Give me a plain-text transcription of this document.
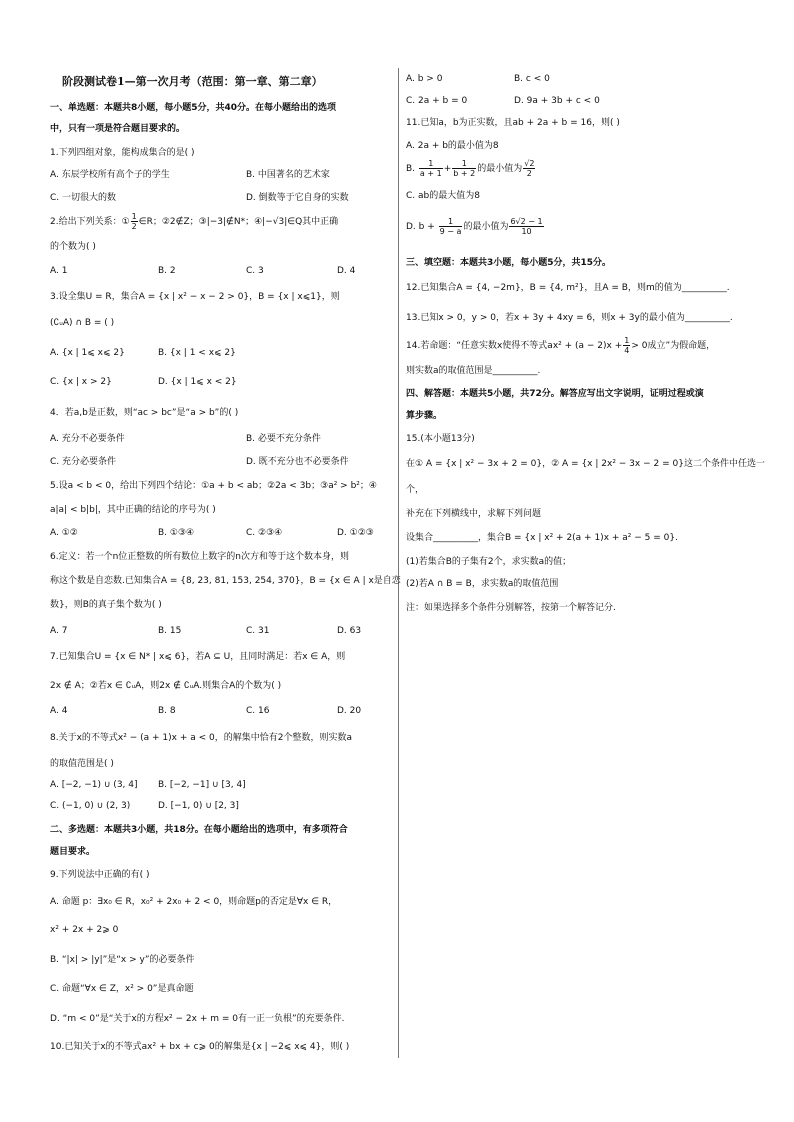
阶段测试卷1—第一次月考（范围：第一章、第二章）
一、单选题：本题共8小题，每小题5分，共40分。在每小题给出的选项
中，只有一项是符合题目要求的。
1.下列四组对象，能构成集合的是( )
A. 东辰学校所有高个子的学生	B. 中国著名的艺术家
C. 一切很大的数	D. 倒数等于它自身的实数
2.给出下列关系：① $\frac{1}{2}$ ∈R；②2∉Z；③|−3|∉N*；④|−√3|∈Q其中正确
的个数为( )
A. 1	B. 2	C. 3	D. 4
3.设全集U = R，集合A = {x | x² − x − 2 > 0}，B = {x | x⩽1}，则
(∁ᵤA) ∩ B = ( )
A. {x | 1⩽ x⩽ 2}	B. {x | 1 < x⩽ 2}
C. {x | x > 2}	D. {x | 1⩽ x < 2}
4．若a,b是正数，则“ac > bc”是“a > b”的( )
A. 充分不必要条件	B. 必要不充分条件
C. 充分必要条件	D. 既不充分也不必要条件
5.设a < b < 0，给出下列四个结论：①a + b < ab；②2a < 3b；③a² > b²；④
a|a| < b|b|，其中正确的结论的序号为( )
A. ①②	B. ①③④	C. ②③④	D. ①②③
6.定义：若一个n位正整数的所有数位上数字的n次方和等于这个数本身，则
称这个数是自恋数.已知集合A = {8, 23, 81, 153, 254, 370}，B = {x ∈ A | x是自恋
数}，则B的真子集个数为( )
A. 7	B. 15	C. 31	D. 63
7.已知集合U = {x ∈ N* | x⩽ 6}，若A ⊆ U，且同时满足：若x ∈ A，则
2x ∉ A；②若x ∈ ∁ᵤA，则2x ∉ ∁ᵤA.则集合A的个数为( )
A. 4	B. 8	C. 16	D. 20
8.关于x的不等式x² − (a + 1)x + a < 0，的解集中恰有2个整数，则实数a
的取值范围是( )
A. [−2, −1) ∪ (3, 4] B. [−2, −1] ∪ [3, 4]
C. (−1, 0) ∪ (2, 3)	D. [−1, 0) ∪ [2, 3]
二、多选题：本题共3小题，共18分。在每小题给出的选项中，有多项符合
题目要求。
9.下列说法中正确的有( )
A. 命题 p：∃x₀ ∈ R，x₀² + 2x₀ + 2 < 0，则命题p的否定是∀x ∈ R，
x² + 2x + 2⩾ 0
B. “|x| > |y|”是“x > y”的必要条件
C. 命题“∀x ∈ Z，x² > 0”是真命题
D. “m < 0”是“关于x的方程x² − 2x + m = 0有一正一负根”的充要条件.
10.已知关于x的不等式ax² + bx + c⩾ 0的解集是{x | −2⩽ x⩽ 4}，则( )
A. b > 0	B. c < 0
C. 2a + b = 0	D. 9a + 3b + c < 0
11.已知a，b为正实数，且ab + 2a + b = 16，则( )
A. 2a + b的最小值为8
B. $\frac{1}{a + 1} + \frac{1}{b + 2}$ 的最小值为 $\frac{√2}{2}$
C. ab的最大值为8
D. $b + \frac{1}{9 - a}$ 的最小值为 $\frac{6√2 - 1}{10}$
三、填空题：本题共3小题，每小题5分，共15分。
12.已知集合A = {4, −2m}，B = {4, m²}，且A = B，则m的值为__________.
13.已知x > 0，y > 0，若x + 3y + 4xy = 6，则x + 3y的最小值为__________.
14.若命题：“任意实数x使得不等式$ax^2 + (a - 2)x + \frac{1}{4} > 0$成立”为假命题，
则实数a的取值范围是__________.
四、解答题：本题共5小题，共72分。解答应写出文字说明，证明过程或演
算步骤。
15.(本小题13分)
在① A = {x | x² − 3x + 2 = 0}，② A = {x | 2x² − 3x − 2 = 0}这二个条件中任选一
个，
补充在下列横线中，求解下列问题
设集合__________，集合B = {x | x² + 2(a + 1)x + a² − 5 = 0}.
(1)若集合B的子集有2个，求实数a的值；
(2)若A ∩ B = B，求实数a的取值范围
注：如果选择多个条件分别解答，按第一个解答记分.
